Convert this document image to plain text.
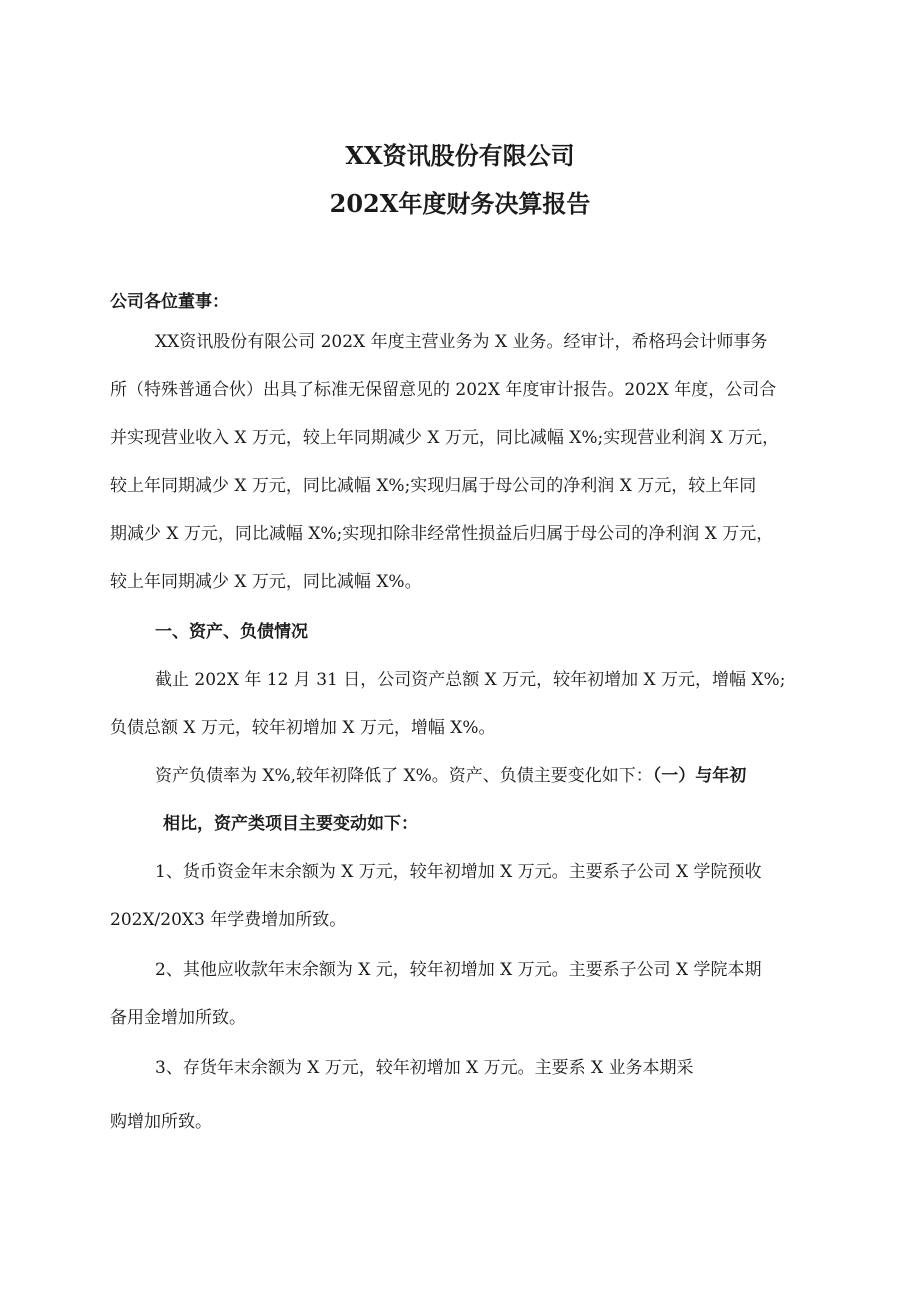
XX资讯股份有限公司
202X年度财务决算报告
公司各位董事：
XX资讯股份有限公司 202X 年度主营业务为 X 业务。经审计，希格玛会计师事务
所（特殊普通合伙）出具了标准无保留意见的 202X 年度审计报告。202X 年度，公司合
并实现营业收入 X 万元，较上年同期减少 X 万元，同比减幅 X%;实现营业利润 X 万元，
较上年同期减少 X 万元，同比减幅 X%;实现归属于母公司的净利润 X 万元，较上年同
期减少 X 万元，同比减幅 X%;实现扣除非经常性损益后归属于母公司的净利润 X 万元，
较上年同期减少 X 万元，同比减幅 X%。
一、资产、负债情况
截止 202X 年 12 月 31 日，公司资产总额 X 万元，较年初增加 X 万元，增幅 X%;
负债总额 X 万元，较年初增加 X 万元，增幅 X%。
资产负债率为 X%,较年初降低了 X%。资产、负债主要变化如下：（一）与年初
相比，资产类项目主要变动如下：
1、货币资金年末余额为 X 万元，较年初增加 X 万元。主要系子公司 X 学院预收
202X/20X3 年学费增加所致。
2、其他应收款年末余额为 X 元，较年初增加 X 万元。主要系子公司 X 学院本期
备用金增加所致。
3、存货年末余额为 X 万元，较年初增加 X 万元。主要系 X 业务本期采
购增加所致。
